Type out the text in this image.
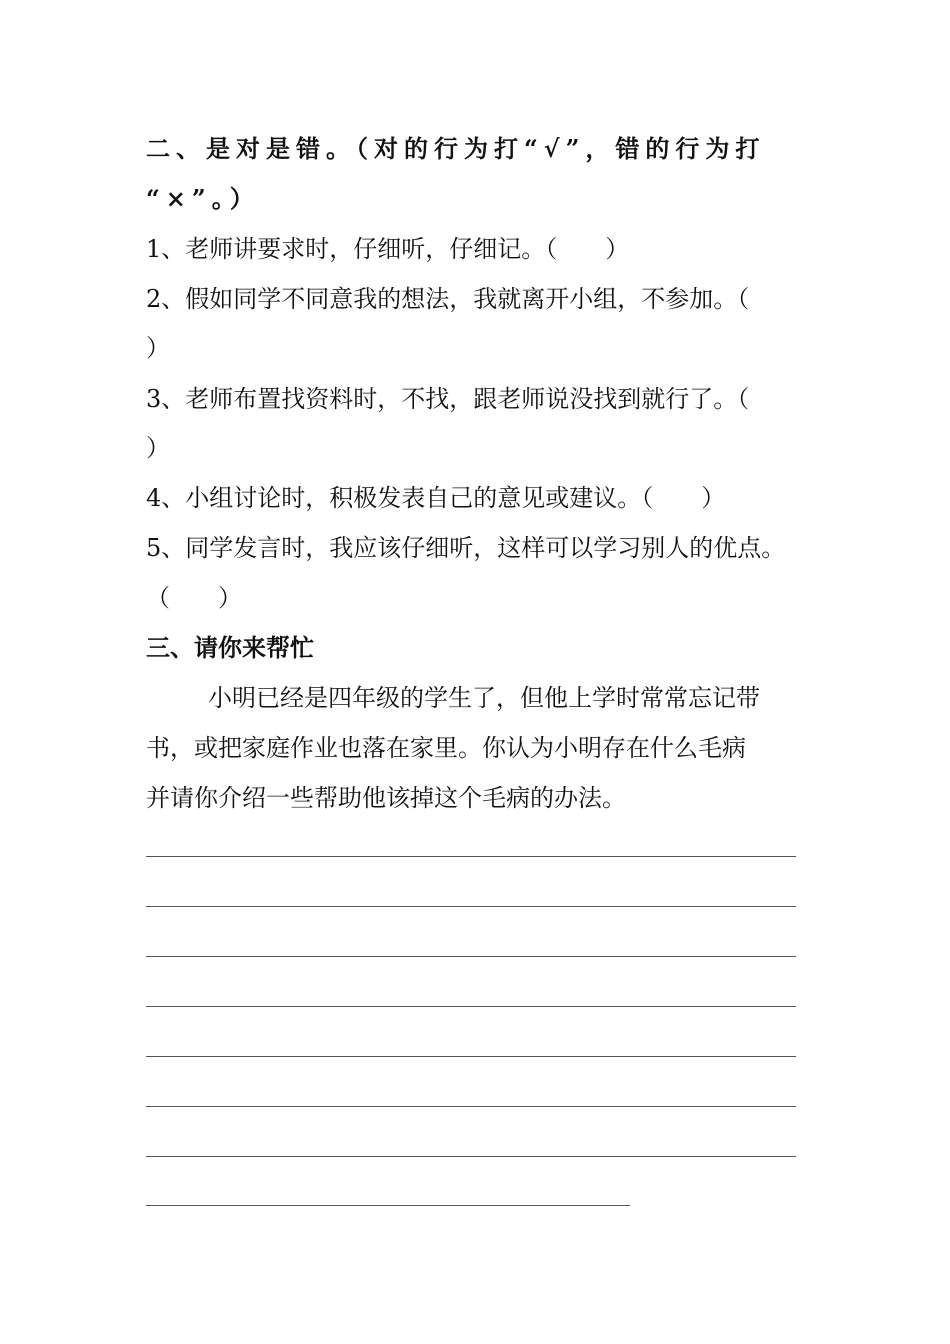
二、是对是错。（对的行为打“√”，错的行为打
“×”。）
1、老师讲要求时，仔细听，仔细记。（　　）
2、假如同学不同意我的想法，我就离开小组，不参加。（
）
3、老师布置找资料时，不找，跟老师说没找到就行了。（
）
4、小组讨论时，积极发表自己的意见或建议。（　　）
5、同学发言时，我应该仔细听，这样可以学习别人的优点。
（　　）
三、请你来帮忙
小明已经是四年级的学生了，但他上学时常常忘记带
书，或把家庭作业也落在家里。你认为小明存在什么毛病
并请你介绍一些帮助他该掉这个毛病的办法。
